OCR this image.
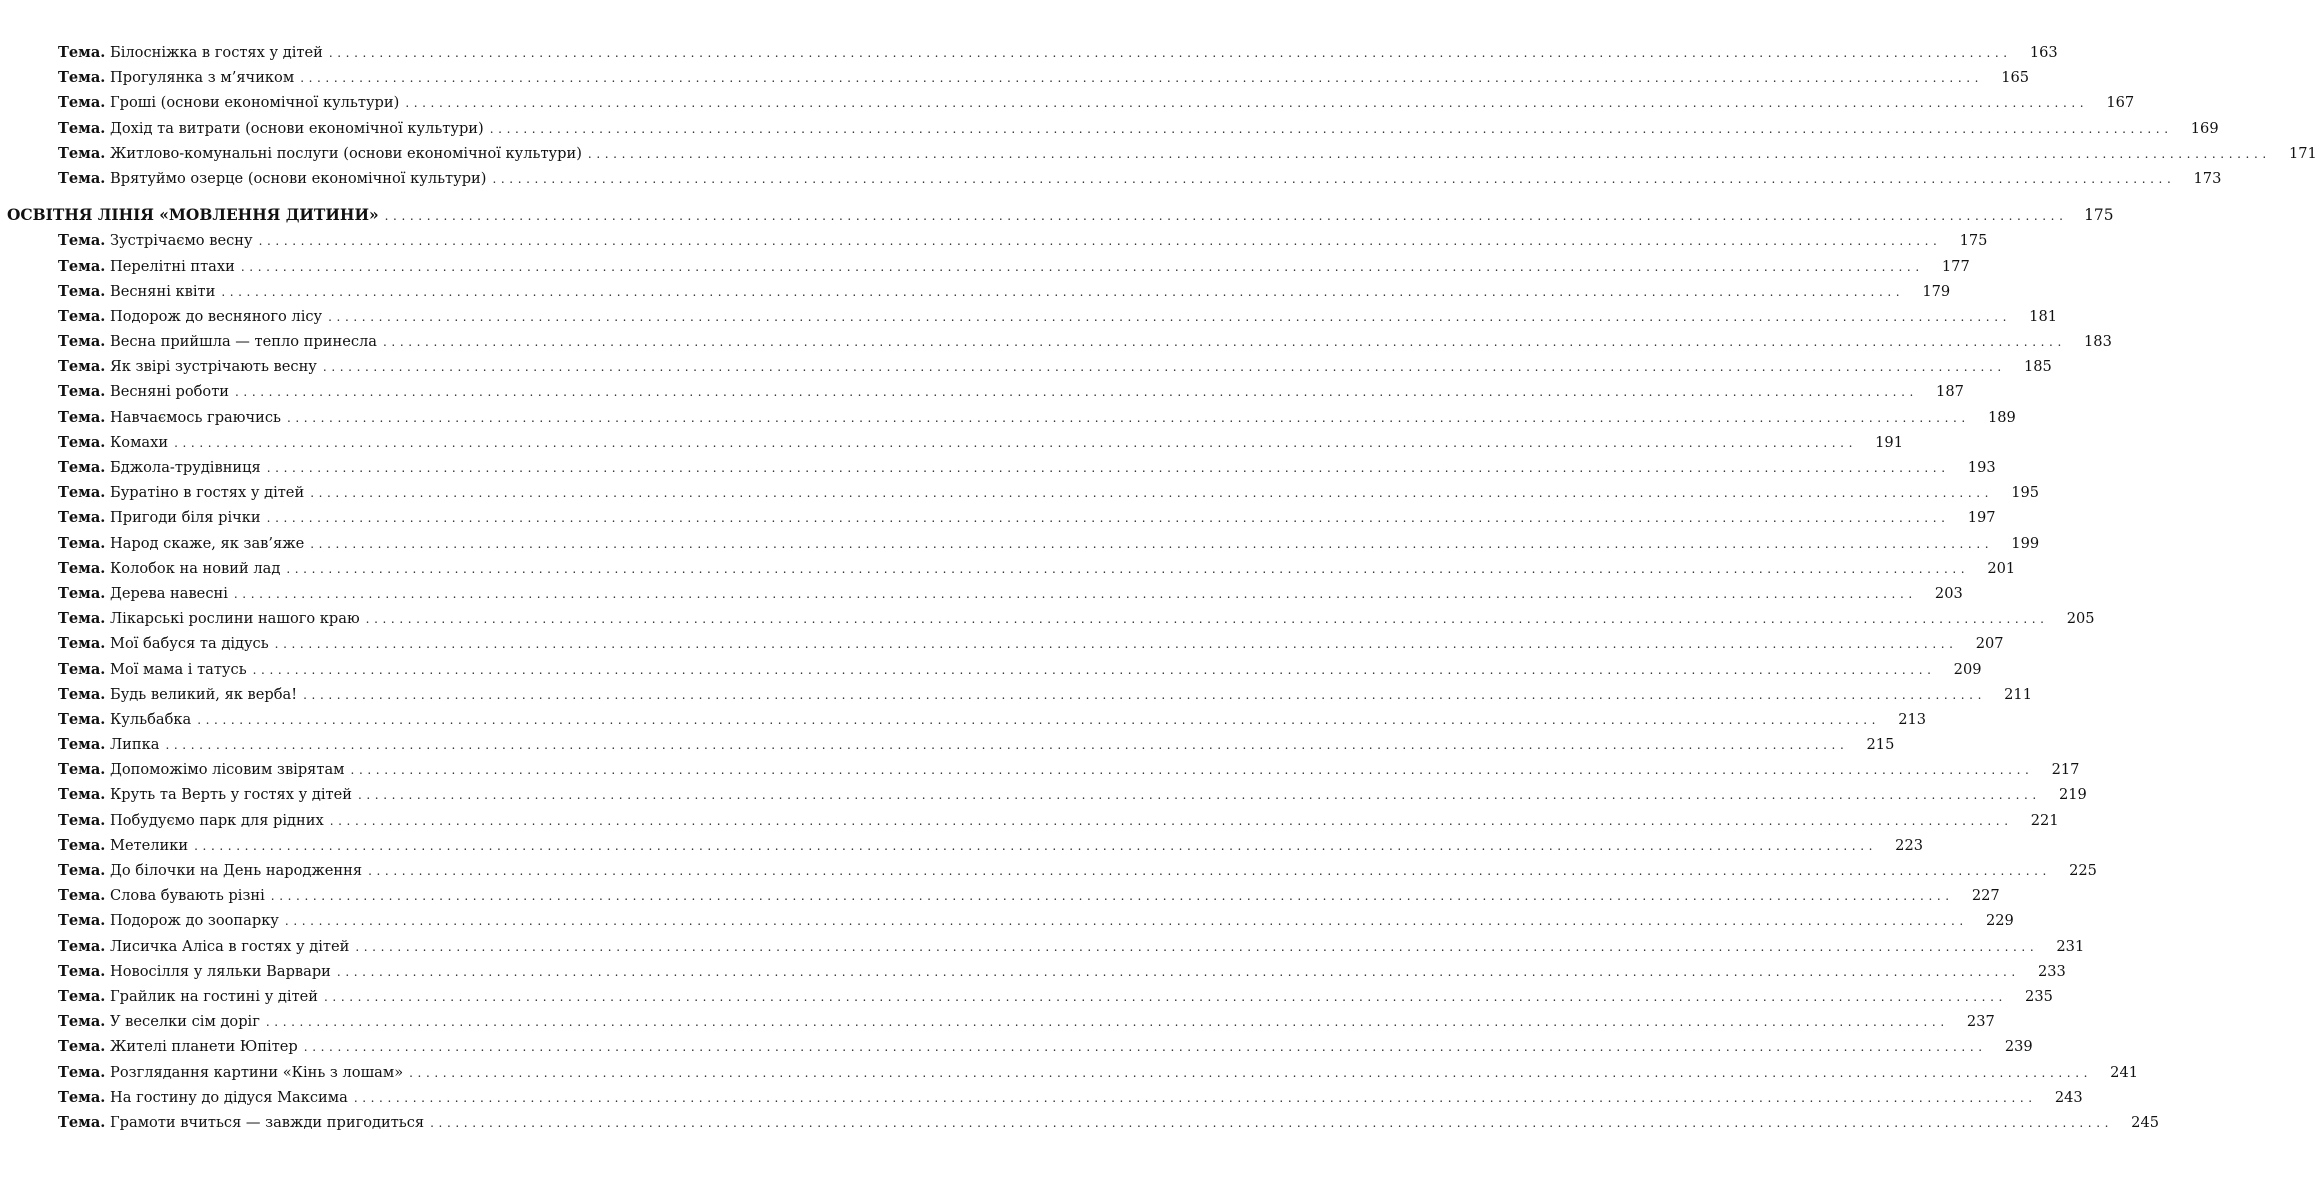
Тема. Білосніжка в гостях у дітей ........................................................................................................................................................................................................	163
Тема. Прогулянка з м’ячиком ........................................................................................................................................................................................................	165
Тема. Гроші (основи економічної культури) ........................................................................................................................................................................................................	167
Тема. Дохід та витрати (основи економічної культури) ........................................................................................................................................................................................................	169
Тема. Житлово-комунальні послуги (основи економічної культури) ........................................................................................................................................................................................................	171
Тема. Врятуймо озерце (основи економічної культури) ........................................................................................................................................................................................................	173
ОСВІТНЯ ЛІНІЯ «МОВЛЕННЯ ДИТИНИ» ........................................................................................................................................................................................................	175
Тема. Зустрічаємо весну ........................................................................................................................................................................................................	175
Тема. Перелітні птахи ........................................................................................................................................................................................................	177
Тема. Весняні квіти ........................................................................................................................................................................................................	179
Тема. Подорож до весняного лісу ........................................................................................................................................................................................................	181
Тема. Весна прийшла — тепло принесла ........................................................................................................................................................................................................	183
Тема. Як звірі зустрічають весну ........................................................................................................................................................................................................	185
Тема. Весняні роботи ........................................................................................................................................................................................................	187
Тема. Навчаємось граючись ........................................................................................................................................................................................................	189
Тема. Комахи ........................................................................................................................................................................................................	191
Тема. Бджола-трудівниця ........................................................................................................................................................................................................	193
Тема. Буратіно в гостях у дітей ........................................................................................................................................................................................................	195
Тема. Пригоди біля річки ........................................................................................................................................................................................................	197
Тема. Народ скаже, як зав’яже ........................................................................................................................................................................................................	199
Тема. Колобок на новий лад ........................................................................................................................................................................................................	201
Тема. Дерева навесні ........................................................................................................................................................................................................	203
Тема. Лікарські рослини нашого краю ........................................................................................................................................................................................................	205
Тема. Мої бабуся та дідусь ........................................................................................................................................................................................................	207
Тема. Мої мама і татусь ........................................................................................................................................................................................................	209
Тема. Будь великий, як верба! ........................................................................................................................................................................................................	211
Тема. Кульбабка ........................................................................................................................................................................................................	213
Тема. Липка ........................................................................................................................................................................................................	215
Тема. Допоможімо лісовим звірятам ........................................................................................................................................................................................................	217
Тема. Круть та Верть у гостях у дітей ........................................................................................................................................................................................................	219
Тема. Побудуємо парк для рідних ........................................................................................................................................................................................................	221
Тема. Метелики ........................................................................................................................................................................................................	223
Тема. До білочки на День народження ........................................................................................................................................................................................................	225
Тема. Слова бувають різні ........................................................................................................................................................................................................	227
Тема. Подорож до зоопарку ........................................................................................................................................................................................................	229
Тема. Лисичка Аліса в гостях у дітей ........................................................................................................................................................................................................	231
Тема. Новосілля у ляльки Варвари ........................................................................................................................................................................................................	233
Тема. Грайлик на гостині у дітей ........................................................................................................................................................................................................	235
Тема. У веселки сім доріг ........................................................................................................................................................................................................	237
Тема. Жителі планети Юпітер ........................................................................................................................................................................................................	239
Тема. Розглядання картини «Кінь з лошам» ........................................................................................................................................................................................................	241
Тема. На гостину до дідуся Максима ........................................................................................................................................................................................................	243
Тема. Грамоти вчиться — завжди пригодиться ........................................................................................................................................................................................................	245
